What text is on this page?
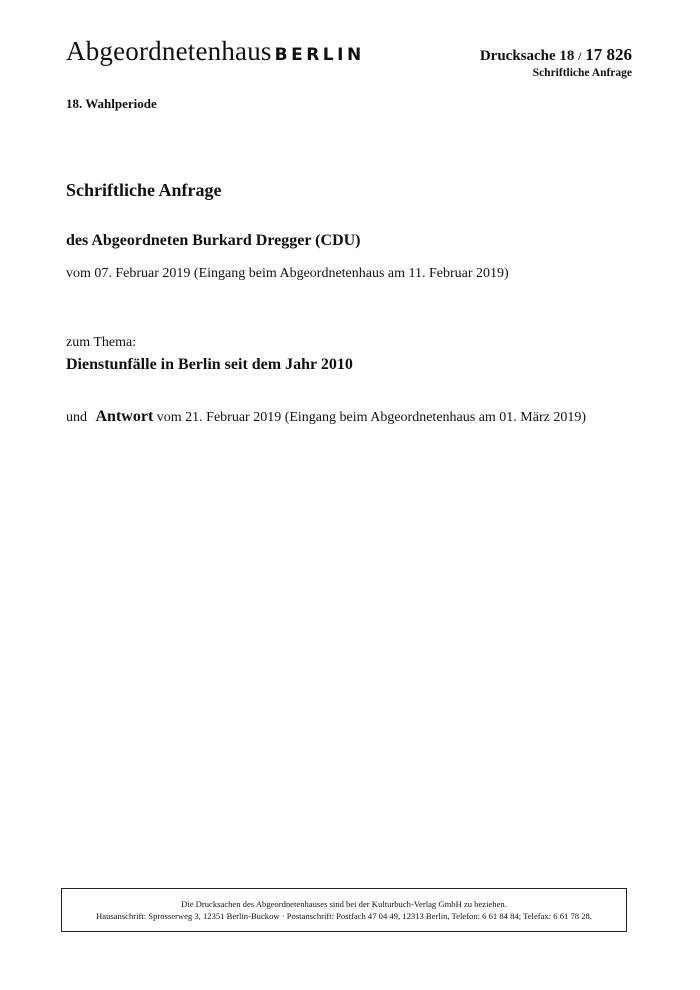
Abgeordnetenhaus BERLIN	Drucksache 18 / 17 826
Schriftliche Anfrage
18. Wahlperiode
Schriftliche Anfrage
des Abgeordneten Burkard Dregger (CDU)
vom 07. Februar 2019 (Eingang beim Abgeordnetenhaus am 11. Februar 2019)
zum Thema:
Dienstunfälle in Berlin seit dem Jahr 2010
und Antwort vom 21. Februar 2019 (Eingang beim Abgeordnetenhaus am 01. März 2019)
Die Drucksachen des Abgeordnetenhauses sind bei der Kulturbuch-Verlag GmbH zu beziehen.
Hausanschrift: Sprosserweg 3, 12351 Berlin-Buckow · Postanschrift: Postfach 47 04 49, 12313 Berlin, Telefon: 6 61 84 84; Telefax: 6 61 78 28.
